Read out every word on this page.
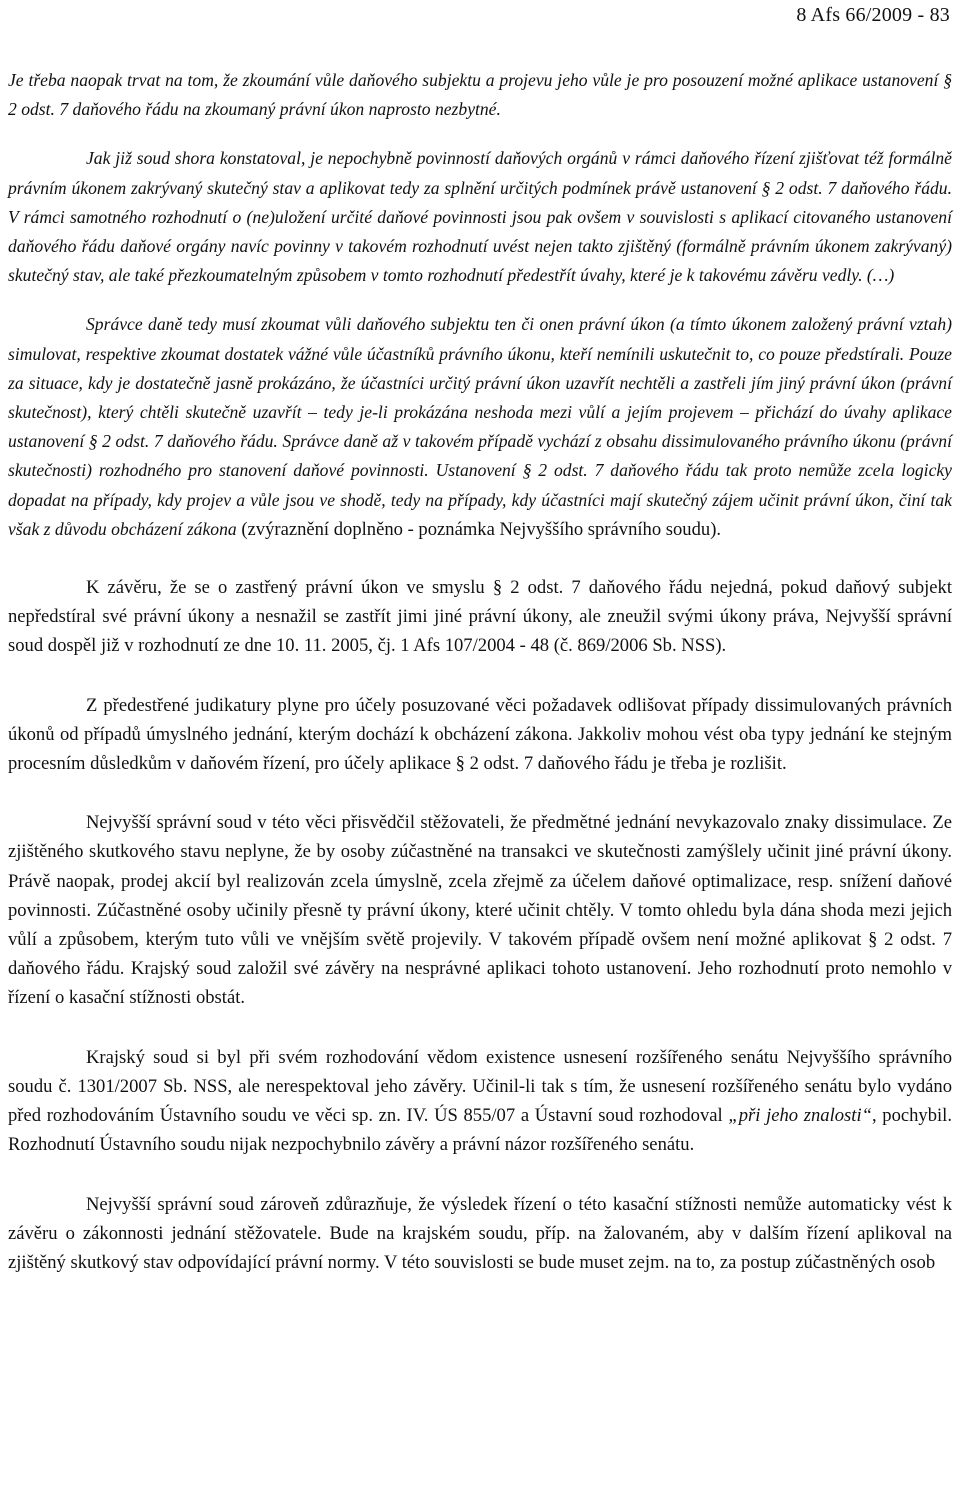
8 Afs 66/2009 - 83

Je třeba naopak trvat na tom, že zkoumání vůle daňového subjektu a projevu jeho vůle je pro posouzení možné aplikace ustanovení § 2 odst. 7 daňového řádu na zkoumaný právní úkon naprosto nezbytné.

Jak již soud shora konstatoval, je nepochybně povinností daňových orgánů v rámci daňového řízení zjišťovat též formálně právním úkonem zakrývaný skutečný stav a aplikovat tedy za splnění určitých podmínek právě ustanovení § 2 odst. 7 daňového řádu. V rámci samotného rozhodnutí o (ne)uložení určité daňové povinnosti jsou pak ovšem v souvislosti s aplikací citovaného ustanovení daňového řádu daňové orgány navíc povinny v takovém rozhodnutí uvést nejen takto zjištěný (formálně právním úkonem zakrývaný) skutečný stav, ale také přezkoumatelným způsobem v tomto rozhodnutí předestřít úvahy, které je k takovému závěru vedly. (…)

Správce daně tedy musí zkoumat vůli daňového subjektu ten či onen právní úkon (a tímto úkonem založený právní vztah) simulovat, respektive zkoumat dostatek vážné vůle účastníků právního úkonu, kteří nemínili uskutečnit to, co pouze předstírali. Pouze za situace, kdy je dostatečně jasně prokázáno, že účastníci určitý právní úkon uzavřít nechtěli a zastřeli jím jiný právní úkon (právní skutečnost), který chtěli skutečně uzavřít – tedy je-li prokázána neshoda mezi vůlí a jejím projevem – přichází do úvahy aplikace ustanovení § 2 odst. 7 daňového řádu. Správce daně až v takovém případě vychází z obsahu dissimulovaného právního úkonu (právní skutečnosti) rozhodného pro stanovení daňové povinnosti. Ustanovení § 2 odst. 7 daňového řádu tak proto nemůže zcela logicky dopadat na případy, kdy projev a vůle jsou ve shodě, tedy na případy, kdy účastníci mají skutečný zájem učinit právní úkon, činí tak však z důvodu obcházení zákona (zvýraznění doplněno - poznámka Nejvyššího správního soudu).

K závěru, že se o zastřený právní úkon ve smyslu § 2 odst. 7 daňového řádu nejedná, pokud daňový subjekt nepředstíral své právní úkony a nesnažil se zastřít jimi jiné právní úkony, ale zneužil svými úkony práva, Nejvyšší správní soud dospěl již v rozhodnutí ze dne 10. 11. 2005, čj. 1 Afs 107/2004 - 48 (č. 869/2006 Sb. NSS).

Z předestřené judikatury plyne pro účely posuzované věci požadavek odlišovat případy dissimulovaných právních úkonů od případů úmyslného jednání, kterým dochází k obcházení zákona. Jakkoliv mohou vést oba typy jednání ke stejným procesním důsledkům v daňovém řízení, pro účely aplikace § 2 odst. 7 daňového řádu je třeba je rozlišit.

Nejvyšší správní soud v této věci přisvědčil stěžovateli, že předmětné jednání nevykazovalo znaky dissimulace. Ze zjištěného skutkového stavu neplyne, že by osoby zúčastněné na transakci ve skutečnosti zamýšlely učinit jiné právní úkony. Právě naopak, prodej akcií byl realizován zcela úmyslně, zcela zřejmě za účelem daňové optimalizace, resp. snížení daňové povinnosti. Zúčastněné osoby učinily přesně ty právní úkony, které učinit chtěly. V tomto ohledu byla dána shoda mezi jejich vůlí a způsobem, kterým tuto vůli ve vnějším světě projevily. V takovém případě ovšem není možné aplikovat § 2 odst. 7 daňového řádu. Krajský soud založil své závěry na nesprávné aplikaci tohoto ustanovení. Jeho rozhodnutí proto nemohlo v řízení o kasační stížnosti obstát.

Krajský soud si byl při svém rozhodování vědom existence usnesení rozšířeného senátu Nejvyššího správního soudu č. 1301/2007 Sb. NSS, ale nerespektoval jeho závěry. Učinil-li tak s tím, že usnesení rozšířeného senátu bylo vydáno před rozhodováním Ústavního soudu ve věci sp. zn. IV. ÚS 855/07 a Ústavní soud rozhodoval „při jeho znalosti“, pochybil. Rozhodnutí Ústavního soudu nijak nezpochybnilo závěry a právní názor rozšířeného senátu.

Nejvyšší správní soud zároveň zdůrazňuje, že výsledek řízení o této kasační stížnosti nemůže automaticky vést k závěru o zákonnosti jednání stěžovatele. Bude na krajském soudu, příp. na žalovaném, aby v dalším řízení aplikoval na zjištěný skutkový stav odpovídající právní normy. V této souvislosti se bude muset zejm. na to, za postup zúčastněných osob
